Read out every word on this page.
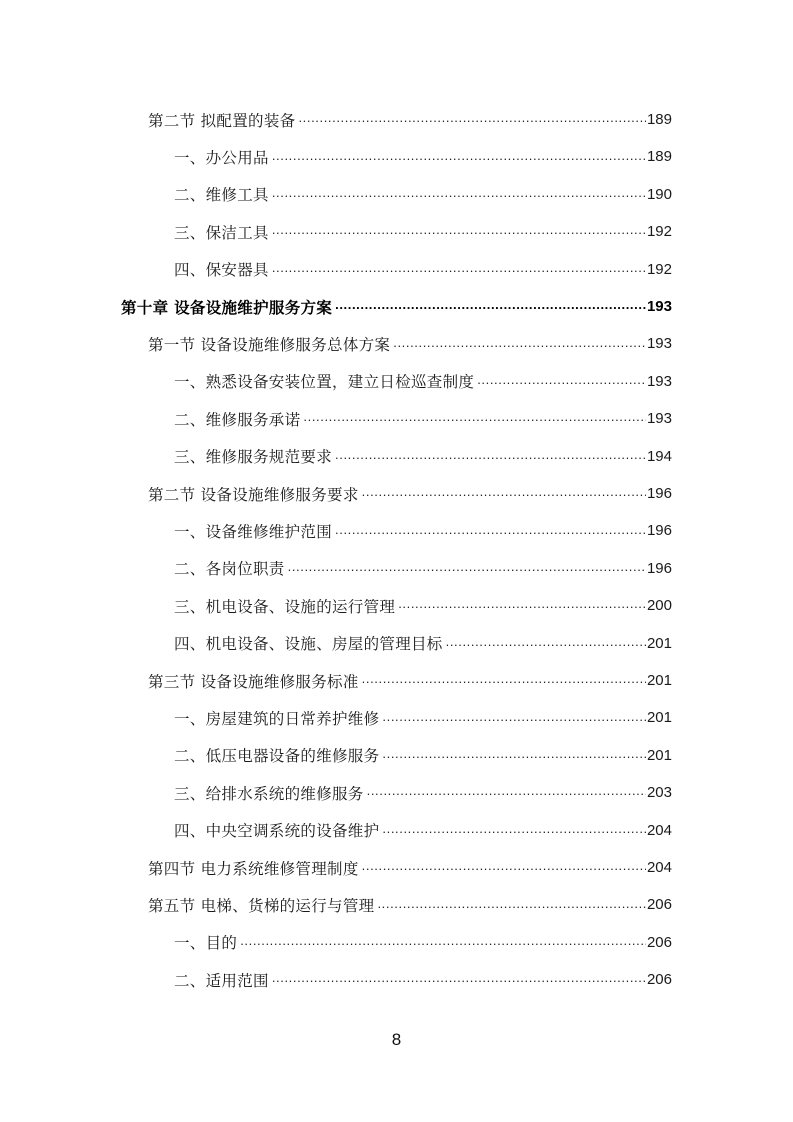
第二节 拟配置的装备 .....	189
一、办公用品 .....	189
二、维修工具 .....	190
三、保洁工具 .....	192
四、保安器具 .....	192
第十章 设备设施维护服务方案 .....	193
第一节 设备设施维修服务总体方案 .....	193
一、熟悉设备安装位置，建立日检巡查制度 .....	193
二、维修服务承诺 .....	193
三、维修服务规范要求 .....	194
第二节 设备设施维修服务要求 .....	196
一、设备维修维护范围 .....	196
二、各岗位职责 .....	196
三、机电设备、设施的运行管理 .....	200
四、机电设备、设施、房屋的管理目标 .....	201
第三节 设备设施维修服务标准 .....	201
一、房屋建筑的日常养护维修 .....	201
二、低压电器设备的维修服务 .....	201
三、给排水系统的维修服务 .....	203
四、中央空调系统的设备维护 .....	204
第四节 电力系统维修管理制度 .....	204
第五节 电梯、货梯的运行与管理 .....	206
一、目的 .....	206
二、适用范围 .....	206
8
